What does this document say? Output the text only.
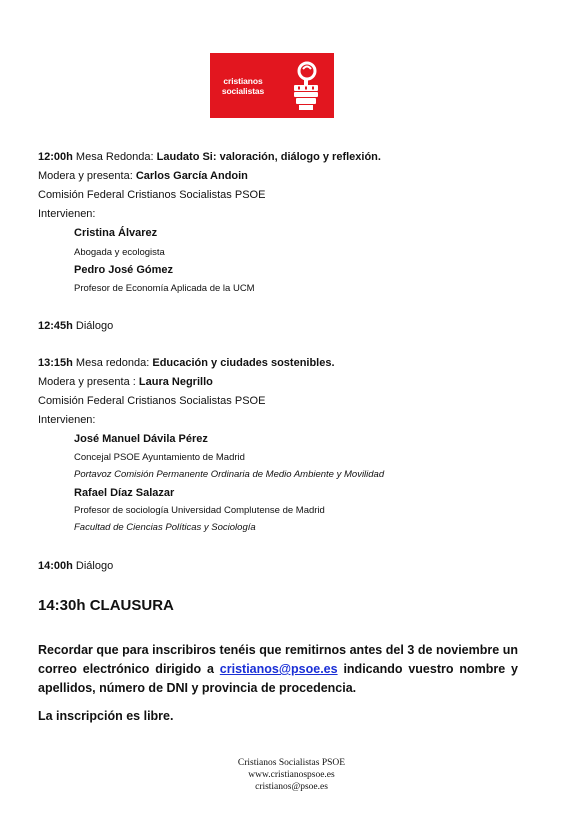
cristianos
socialistas
12:00h Mesa Redonda: Laudato Si: valoración, diálogo y reflexión.
Modera y presenta: Carlos García Andoin
Comisión Federal Cristianos Socialistas PSOE
Intervienen:
Cristina Álvarez
Abogada y ecologista
Pedro José Gómez
Profesor de Economía Aplicada de la UCM
12:45h Diálogo
13:15h Mesa redonda: Educación y ciudades sostenibles.
Modera y presenta : Laura Negrillo
Comisión Federal Cristianos Socialistas PSOE
Intervienen:
José Manuel Dávila Pérez
Concejal PSOE Ayuntamiento de Madrid
Portavoz Comisión Permanente Ordinaria de Medio Ambiente y Movilidad
Rafael Díaz Salazar
Profesor de sociología Universidad Complutense de Madrid
Facultad de Ciencias Políticas y Sociología
14:00h Diálogo
14:30h CLAUSURA
Recordar que para inscribiros tenéis que remitirnos antes del 3 de noviembre un correo electrónico dirigido a cristianos@psoe.es indicando vuestro nombre y apellidos, número de DNI y provincia de procedencia.
La inscripción es libre.
Cristianos Socialistas PSOE
www.cristianospsoe.es
cristianos@psoe.es
